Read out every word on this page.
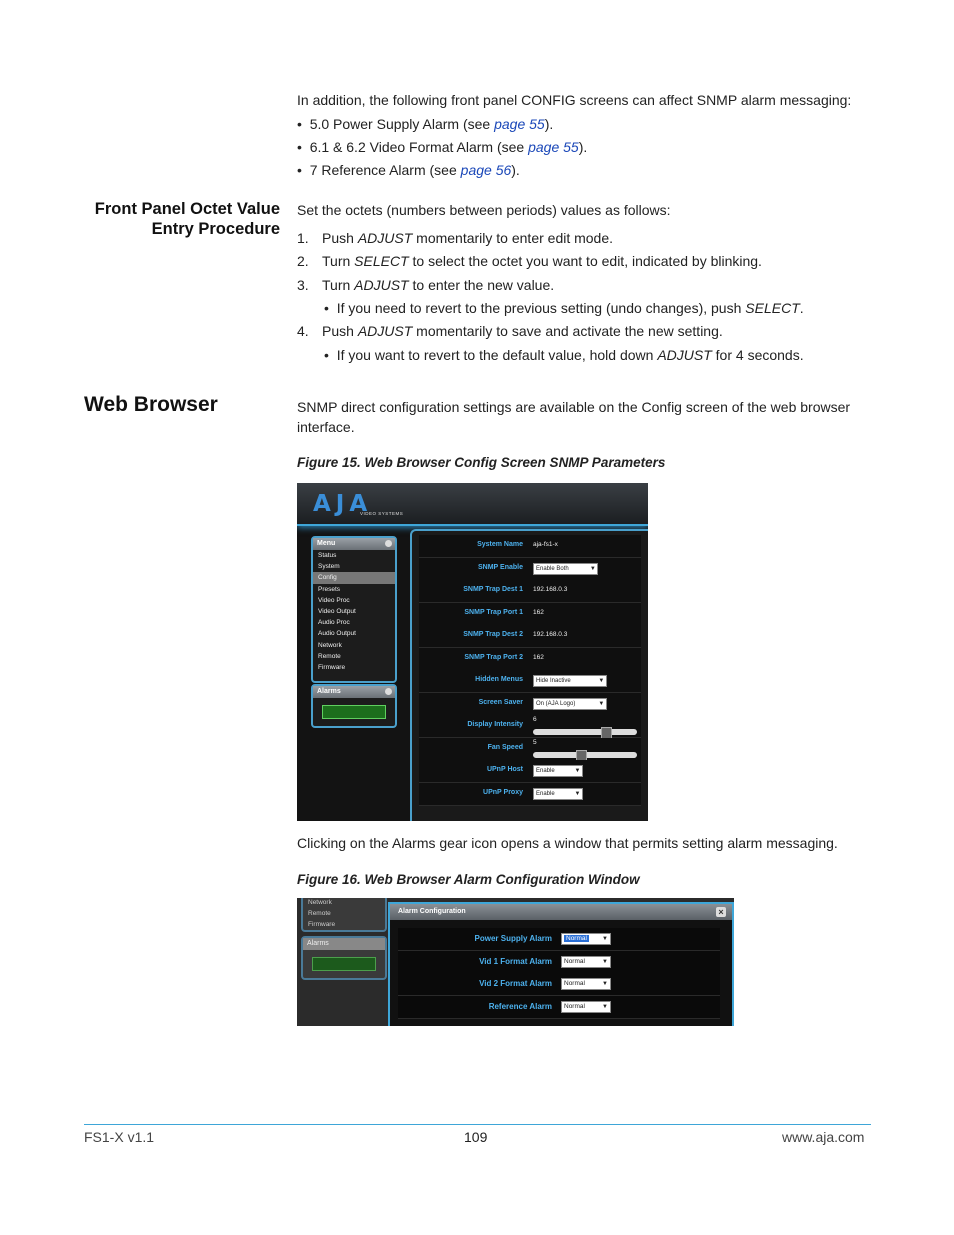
In addition, the following front panel CONFIG screens can affect SNMP alarm messaging:
•  5.0 Power Supply Alarm (see page 55).
•  6.1 & 6.2 Video Format Alarm (see page 55).
•  7 Reference Alarm (see page 56).
Front Panel Octet Value
Entry Procedure
Set the octets (numbers between periods) values as follows:
1. Push ADJUST momentarily to enter edit mode.
2. Turn SELECT to select the octet you want to edit, indicated by blinking.
3. Turn ADJUST to enter the new value.
4. Push ADJUST momentarily to save and activate the new setting.
•  If you need to revert to the previous setting (undo changes), push SELECT.
•  If you want to revert to the default value, hold down ADJUST for 4 seconds.
Web Browser	SNMP direct configuration settings are available on the Config screen of the web browser interface.
Figure 15. Web Browser Config Screen SNMP Parameters
AJA
VIDEO SYSTEMS
Menu
Status
System
Config
Presets
Video Proc
Video Output
Audio Proc
Audio Output
Network
Remote
Firmware
Alarms
System Name aja-fs1-x
SNMP Enable	Enable Both	▼
SNMP Trap Dest 1 192.168.0.3
SNMP Trap Port 1 162
SNMP Trap Dest 2 192.168.0.3
SNMP Trap Port 2 162
Hidden Menus	Hide Inactive	▼
Screen Saver	On (AJA Logo)	▼
Display Intensity
6
Fan Speed
5
UPnP Host	Enable	▼
UPnP Proxy	Enable	▼
Clicking on the Alarms gear icon opens a window that permits setting alarm messaging.
Figure 16. Web Browser Alarm Configuration Window
Network
Remote
Firmware
Alarms
Alarm Configuration	×
Power Supply Alarm	Normal	▼
Vid 1 Format Alarm	Normal	▼
Vid 2 Format Alarm	Normal	▼
Reference Alarm	Normal	▼
FS1-X v1.1	109	www.aja.com
